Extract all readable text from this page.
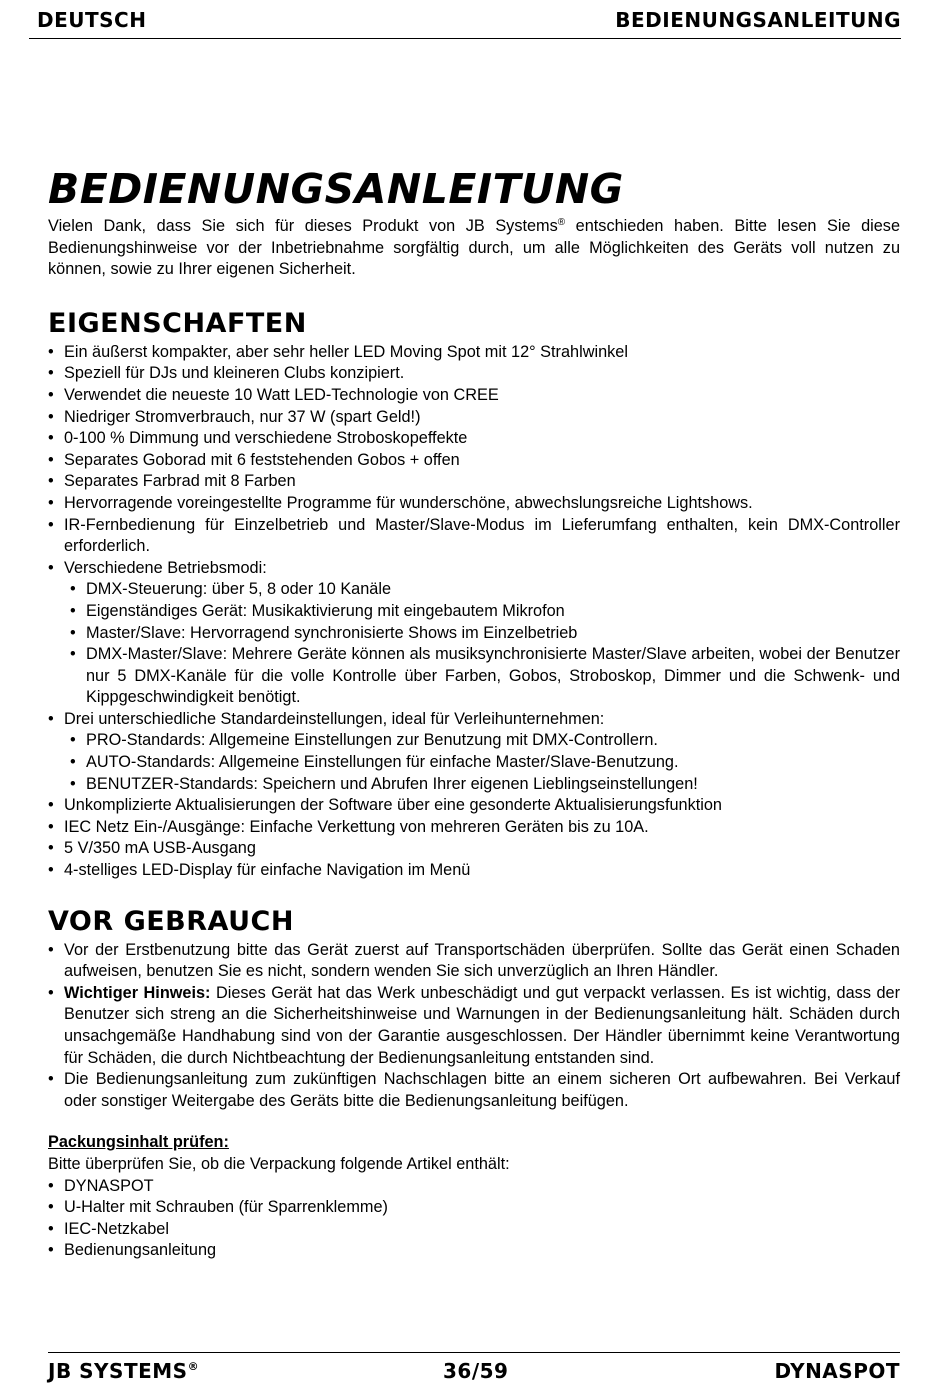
DEUTSCH	BEDIENUNGSANLEITUNG
BEDIENUNGSANLEITUNG

Vielen Dank, dass Sie sich für dieses Produkt von JB Systems® entschieden haben. Bitte lesen Sie diese Bedienungshinweise vor der Inbetriebnahme sorgfältig durch, um alle Möglichkeiten des Geräts voll nutzen zu können, sowie zu Ihrer eigenen Sicherheit.

EIGENSCHAFTEN
• Ein äußerst kompakter, aber sehr heller LED Moving Spot mit 12° Strahlwinkel
• Speziell für DJs und kleineren Clubs konzipiert.
• Verwendet die neueste 10 Watt LED-Technologie von CREE
• Niedriger Stromverbrauch, nur 37 W (spart Geld!)
• 0-100 % Dimmung und verschiedene Stroboskopeffekte
• Separates Goborad mit 6 feststehenden Gobos + offen
• Separates Farbrad mit 8 Farben
• Hervorragende voreingestellte Programme für wunderschöne, abwechslungsreiche Lightshows.
• IR-Fernbedienung für Einzelbetrieb und Master/Slave-Modus im Lieferumfang enthalten, kein DMX-Controller erforderlich.
• Verschiedene Betriebsmodi:
• DMX-Steuerung: über 5, 8 oder 10 Kanäle
• Eigenständiges Gerät: Musikaktivierung mit eingebautem Mikrofon
• Master/Slave: Hervorragend synchronisierte Shows im Einzelbetrieb
• DMX-Master/Slave: Mehrere Geräte können als musiksynchronisierte Master/Slave arbeiten, wobei der Benutzer nur 5 DMX-Kanäle für die volle Kontrolle über Farben, Gobos, Stroboskop, Dimmer und die Schwenk- und Kippgeschwindigkeit benötigt.
• Drei unterschiedliche Standardeinstellungen, ideal für Verleihunternehmen:
• PRO-Standards: Allgemeine Einstellungen zur Benutzung mit DMX-Controllern.
• AUTO-Standards: Allgemeine Einstellungen für einfache Master/Slave-Benutzung.
• BENUTZER-Standards: Speichern und Abrufen Ihrer eigenen Lieblingseinstellungen!
• Unkomplizierte Aktualisierungen der Software über eine gesonderte Aktualisierungsfunktion
• IEC Netz Ein-/Ausgänge: Einfache Verkettung von mehreren Geräten bis zu 10A.
• 5 V/350 mA USB-Ausgang
• 4-stelliges LED-Display für einfache Navigation im Menü
VOR GEBRAUCH
• Vor der Erstbenutzung bitte das Gerät zuerst auf Transportschäden überprüfen. Sollte das Gerät einen Schaden aufweisen, benutzen Sie es nicht, sondern wenden Sie sich unverzüglich an Ihren Händler.
• Wichtiger Hinweis: Dieses Gerät hat das Werk unbeschädigt und gut verpackt verlassen. Es ist wichtig, dass der Benutzer sich streng an die Sicherheitshinweise und Warnungen in der Bedienungsanleitung hält. Schäden durch unsachgemäße Handhabung sind von der Garantie ausgeschlossen. Der Händler übernimmt keine Verantwortung für Schäden, die durch Nichtbeachtung der Bedienungsanleitung entstanden sind.
• Die Bedienungsanleitung zum zukünftigen Nachschlagen bitte an einem sicheren Ort aufbewahren. Bei Verkauf oder sonstiger Weitergabe des Geräts bitte die Bedienungsanleitung beifügen.

Packungsinhalt prüfen:

Bitte überprüfen Sie, ob die Verpackung folgende Artikel enthält:

• DYNASPOT
• U-Halter mit Schrauben (für Sparrenklemme)
• IEC-Netzkabel
• Bedienungsanleitung
JB SYSTEMS®	36/59	DYNASPOT
